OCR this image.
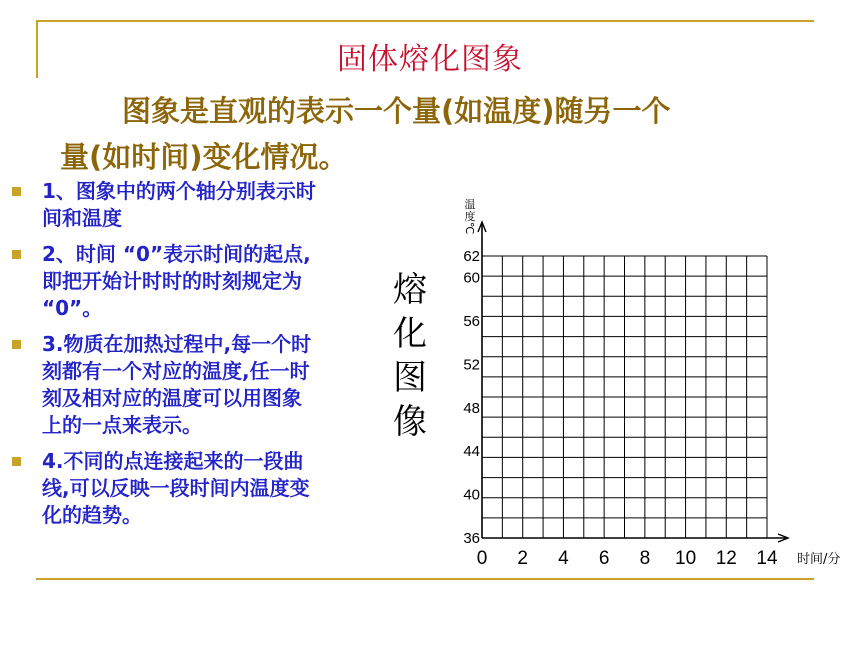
固体熔化图象
图象是直观的表示一个量(如温度)随另一个
量(如时间)变化情况。
1、图象中的两个轴分别表示时
间和温度
2、时间 “0”表示时间的起点,
即把开始计时时的时刻规定为
“0”。
3.物质在加热过程中,每一个时
刻都有一个对应的温度,任一时
刻及相对应的温度可以用图象
上的一点来表示。
4.不同的点连接起来的一段曲
线,可以反映一段时间内温度变
化的趋势。
熔
化
图
像
36
40
44
48
52
56
60
62
0 2 4 6 8 10 12 14
温
度
℃
时间/分
